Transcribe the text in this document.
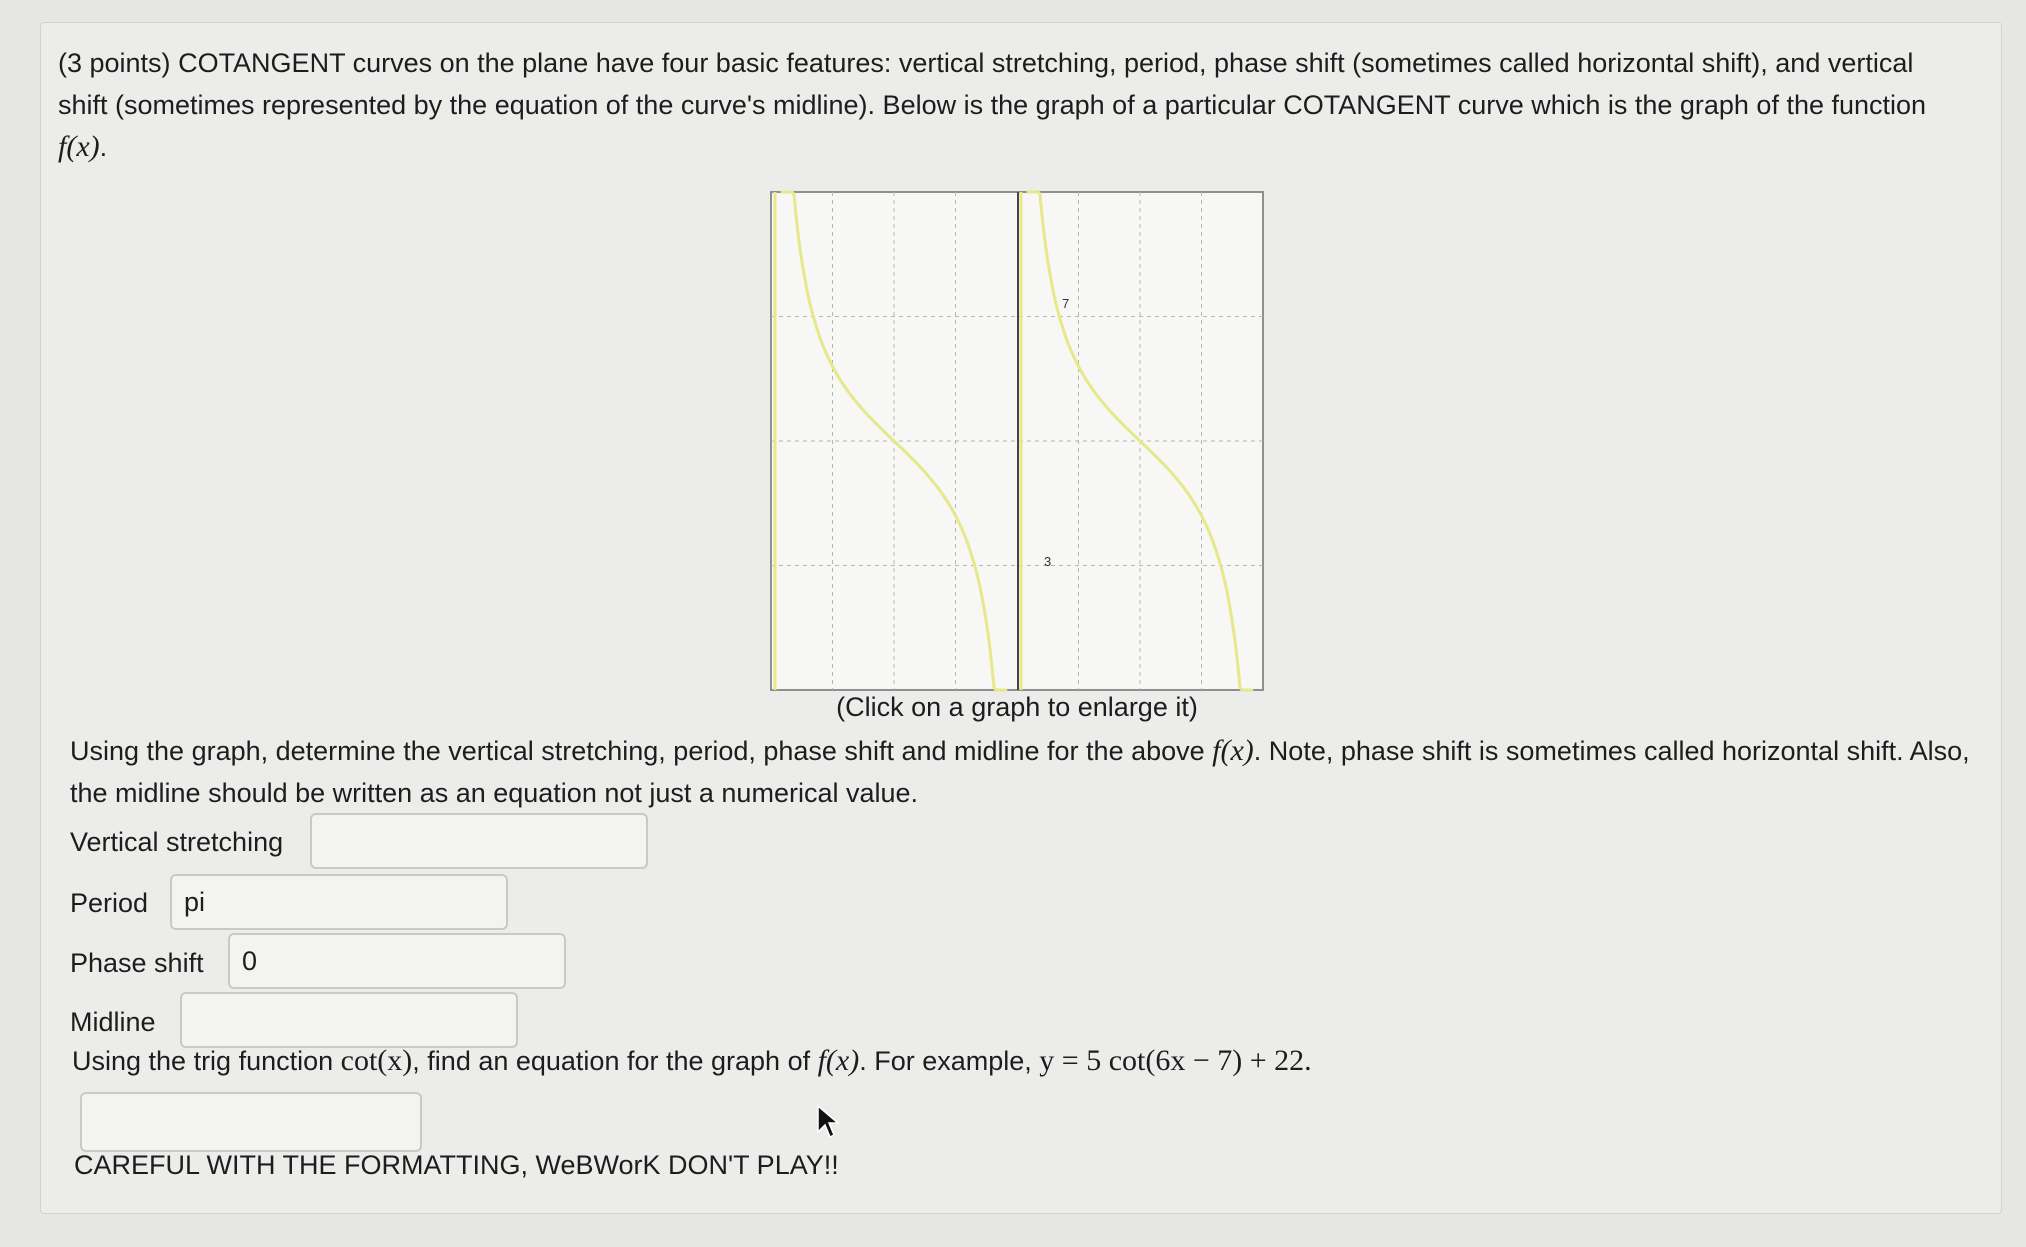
(3 points) COTANGENT curves on the plane have four basic features: vertical stretching, period, phase shift (sometimes called horizontal shift), and vertical shift (sometimes represented by the equation of the curve's midline). Below is the graph of a particular COTANGENT curve which is the graph of the function f(x).
7
3
(Click on a graph to enlarge it)
Using the graph, determine the vertical stretching, period, phase shift and midline for the above f(x). Note, phase shift is sometimes called horizontal shift. Also, the midline should be written as an equation not just a numerical value.
Vertical stretching
Period
pi
Phase shift
0
Midline
Using the trig function cot(x), find an equation for the graph of f(x). For example, y = 5 cot(6x − 7) + 22.
CAREFUL WITH THE FORMATTING, WeBWorK DON'T PLAY!!
